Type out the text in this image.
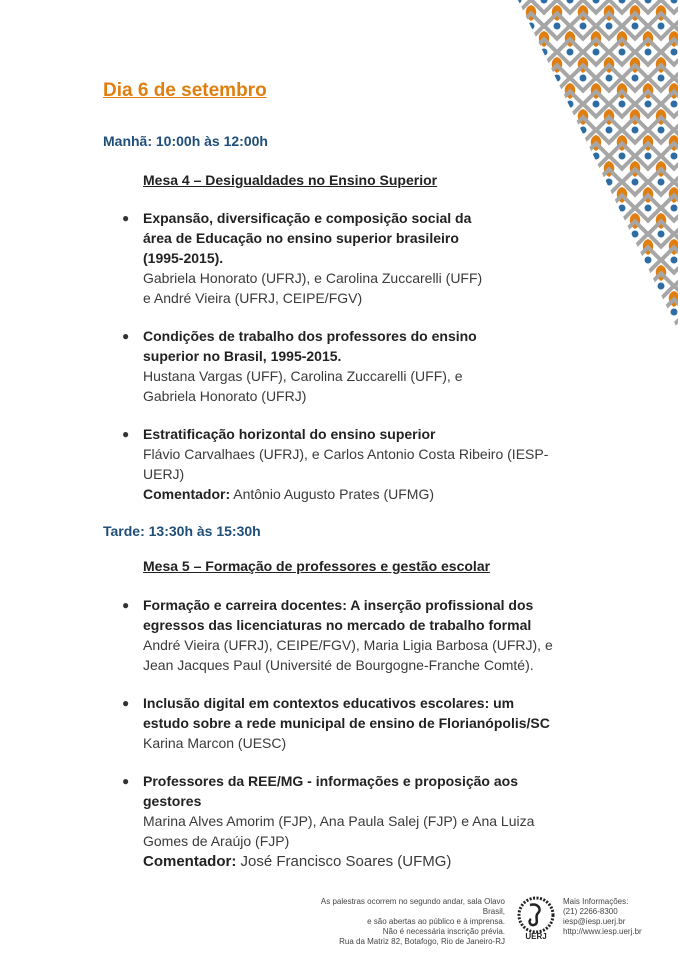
Dia 6 de setembro

Manhã: 10:00h às 12:00h

Mesa 4 – Desigualdades no Ensino Superior

● Expansão, diversificação e composição social da
área de Educação no ensino superior brasileiro
(1995-2015).
Gabriela Honorato (UFRJ), e Carolina Zuccarelli (UFF)
e André Vieira (UFRJ, CEIPE/FGV)
● Condições de trabalho dos professores do ensino
superior no Brasil, 1995-2015.
Hustana Vargas (UFF), Carolina Zuccarelli (UFF), e
Gabriela Honorato (UFRJ)
● Estratificação horizontal do ensino superior
Flávio Carvalhaes (UFRJ), e Carlos Antonio Costa Ribeiro (IESP-
UERJ)
Comentador: Antônio Augusto Prates (UFMG)

Tarde: 13:30h às 15:30h

Mesa 5 – Formação de professores e gestão escolar

● Formação e carreira docentes: A inserção profissional dos
egressos das licenciaturas no mercado de trabalho formal
André Vieira (UFRJ), CEIPE/FGV), Maria Ligia Barbosa (UFRJ), e
Jean Jacques Paul (Université de Bourgogne-Franche Comté).
● Inclusão digital em contextos educativos escolares: um
estudo sobre a rede municipal de ensino de Florianópolis/SC
Karina Marcon (UESC)
● Professores da REE/MG - informações e proposição aos
gestores
Marina Alves Amorim (FJP), Ana Paula Salej (FJP) e Ana Luiza
Gomes de Araújo (FJP)
Comentador: José Francisco Soares (UFMG)
As palestras ocorrem no segundo andar, sala Olavo Brasil,
e são abertas ao público e à imprensa.
Não é necessária inscrição prévia.
Rua da Matriz 82, Botafogo, Rio de Janeiro-RJ
UERJ
Mais Informações:
(21) 2266-8300
iesp@iesp.uerj.br
http://www.iesp.uerj.br
